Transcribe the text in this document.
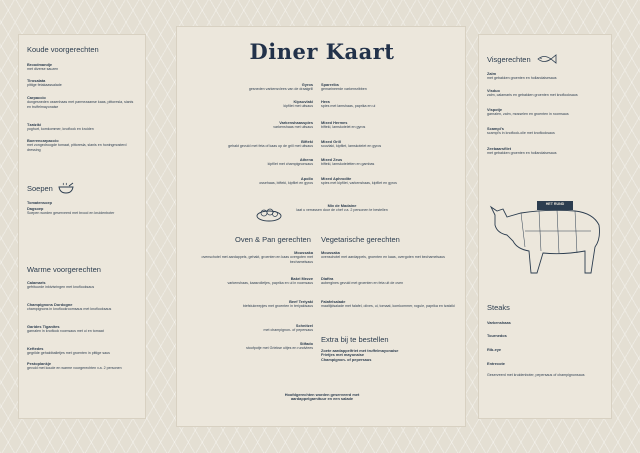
Koude voorgerechten
Broodmandje
met diverse sauzen
Tirosalata
pittige fetakaassalade
Carpaccio
dungesneden ossenhaas met parmezaanse kaas, pittoresla, sianis en truffelmayonaise
Tzatziki
yoghurt, komkommer, knoflook en kruiden
Boerencarpaccio
met zongedroogde tomaat, pittoresla, slanis en honingmosterd dressing
Soepen
Tomatensoep
Dagsoep
Soepen worden geserveerd met brood en kruidenboter
Warme voorgerechten
Calamaris
gefrituurde inktvisringen met knoflooksaus
Champignons Dordogne
champignons in knoflookroomsaus met knoflooksaus
Garides Tiganites
garnalen in knoflook roomsaus met ui en tomaat
Keftedes
gegrilde gehaktballetjes met groenten in pittige saus
Pestoplankje
gevuld met koude en warme voorgerechten v.a. 2 personen
Diner Kaart
Gyros
gesneden varkensvlees van de draaigrill
Kipsuvlaki
kipfilet met uitsaus
Varkenshaasspies
varkenshaas met uitsaus
Bifteki
gehakt gevuld met feta of kaas op de grill met uitsaus
Athena
kipfilet met champignonsaus
Apollo
ossehaas, bifteki, kipfilet en gyros
Spareribs
gemarineerde varkensribben
Hera
spies met lamshaas, paprika en ui
Mixed Hermes
bifteki, lamskotelet en gyros
Mixed Grill
souvlaki, kipfilet, lamskotelet en gyros
Mixed Zeus
bifteki, lamskoteletten en gambas
Mixed Aphrodite
spies met kipfilet, varkenshaas, kipfilet en gyros
Mix de Madaine
laat u verrassen door de chef v.a. 2 personen te bestellen
Oven & Pan gerechten
Moussaka
ovenschotel met aardappels, gehakt, groenten en kaas overgoten met bechamelsaus
Bakri Mezze
varkenshaas, kaasrolletjes, paprika en ui in roomsaus
Beef Teriyaki
biefstukreepjes met groenten in teriyakisaus
Schnitzel
met champignon- of pepersaus
Stifado
stoofpotje met Griekse uitjes en rundvlees
Vegetarische gerechten
Moussaka
ovenschotel met aardappels, groenten en kaas, overgoten met bechamelsaus
Diaftra
aubergines gevuld met groenten en feta uit de oven
Falafelsalade
maaltijdsalade met falafel, olives, ui, tomaat, komkommer, rogule, paprika en tzatziki
Extra bij te bestellen
Zoete aardappelfriet met truffelmayonaise
Frietjes met mayonaise
Champignon- of pepersaus
Hoofdgerechten worden geserveerd met
aardappelgarnituur en een salade
Visgerechten
Zalm
met gebakken groenten en hollandaisesaus
Visduo
zalm, calamaris en gebakken groenten met knoflooksaus
Vispotje
garnalen, zalm, mosselen en groenten in roomsaus
Scampi's
scampi's in knoflook-olie met knoflooksaus
Zeebaarsfilet
met gebakken groenten en hollandaisesaus
HET RUND
Steaks
Varkenshaas
Tournedos
Rib-eye
Entrecote
Geserveerd met kruidenboter, pepersaus of champignonsaus
